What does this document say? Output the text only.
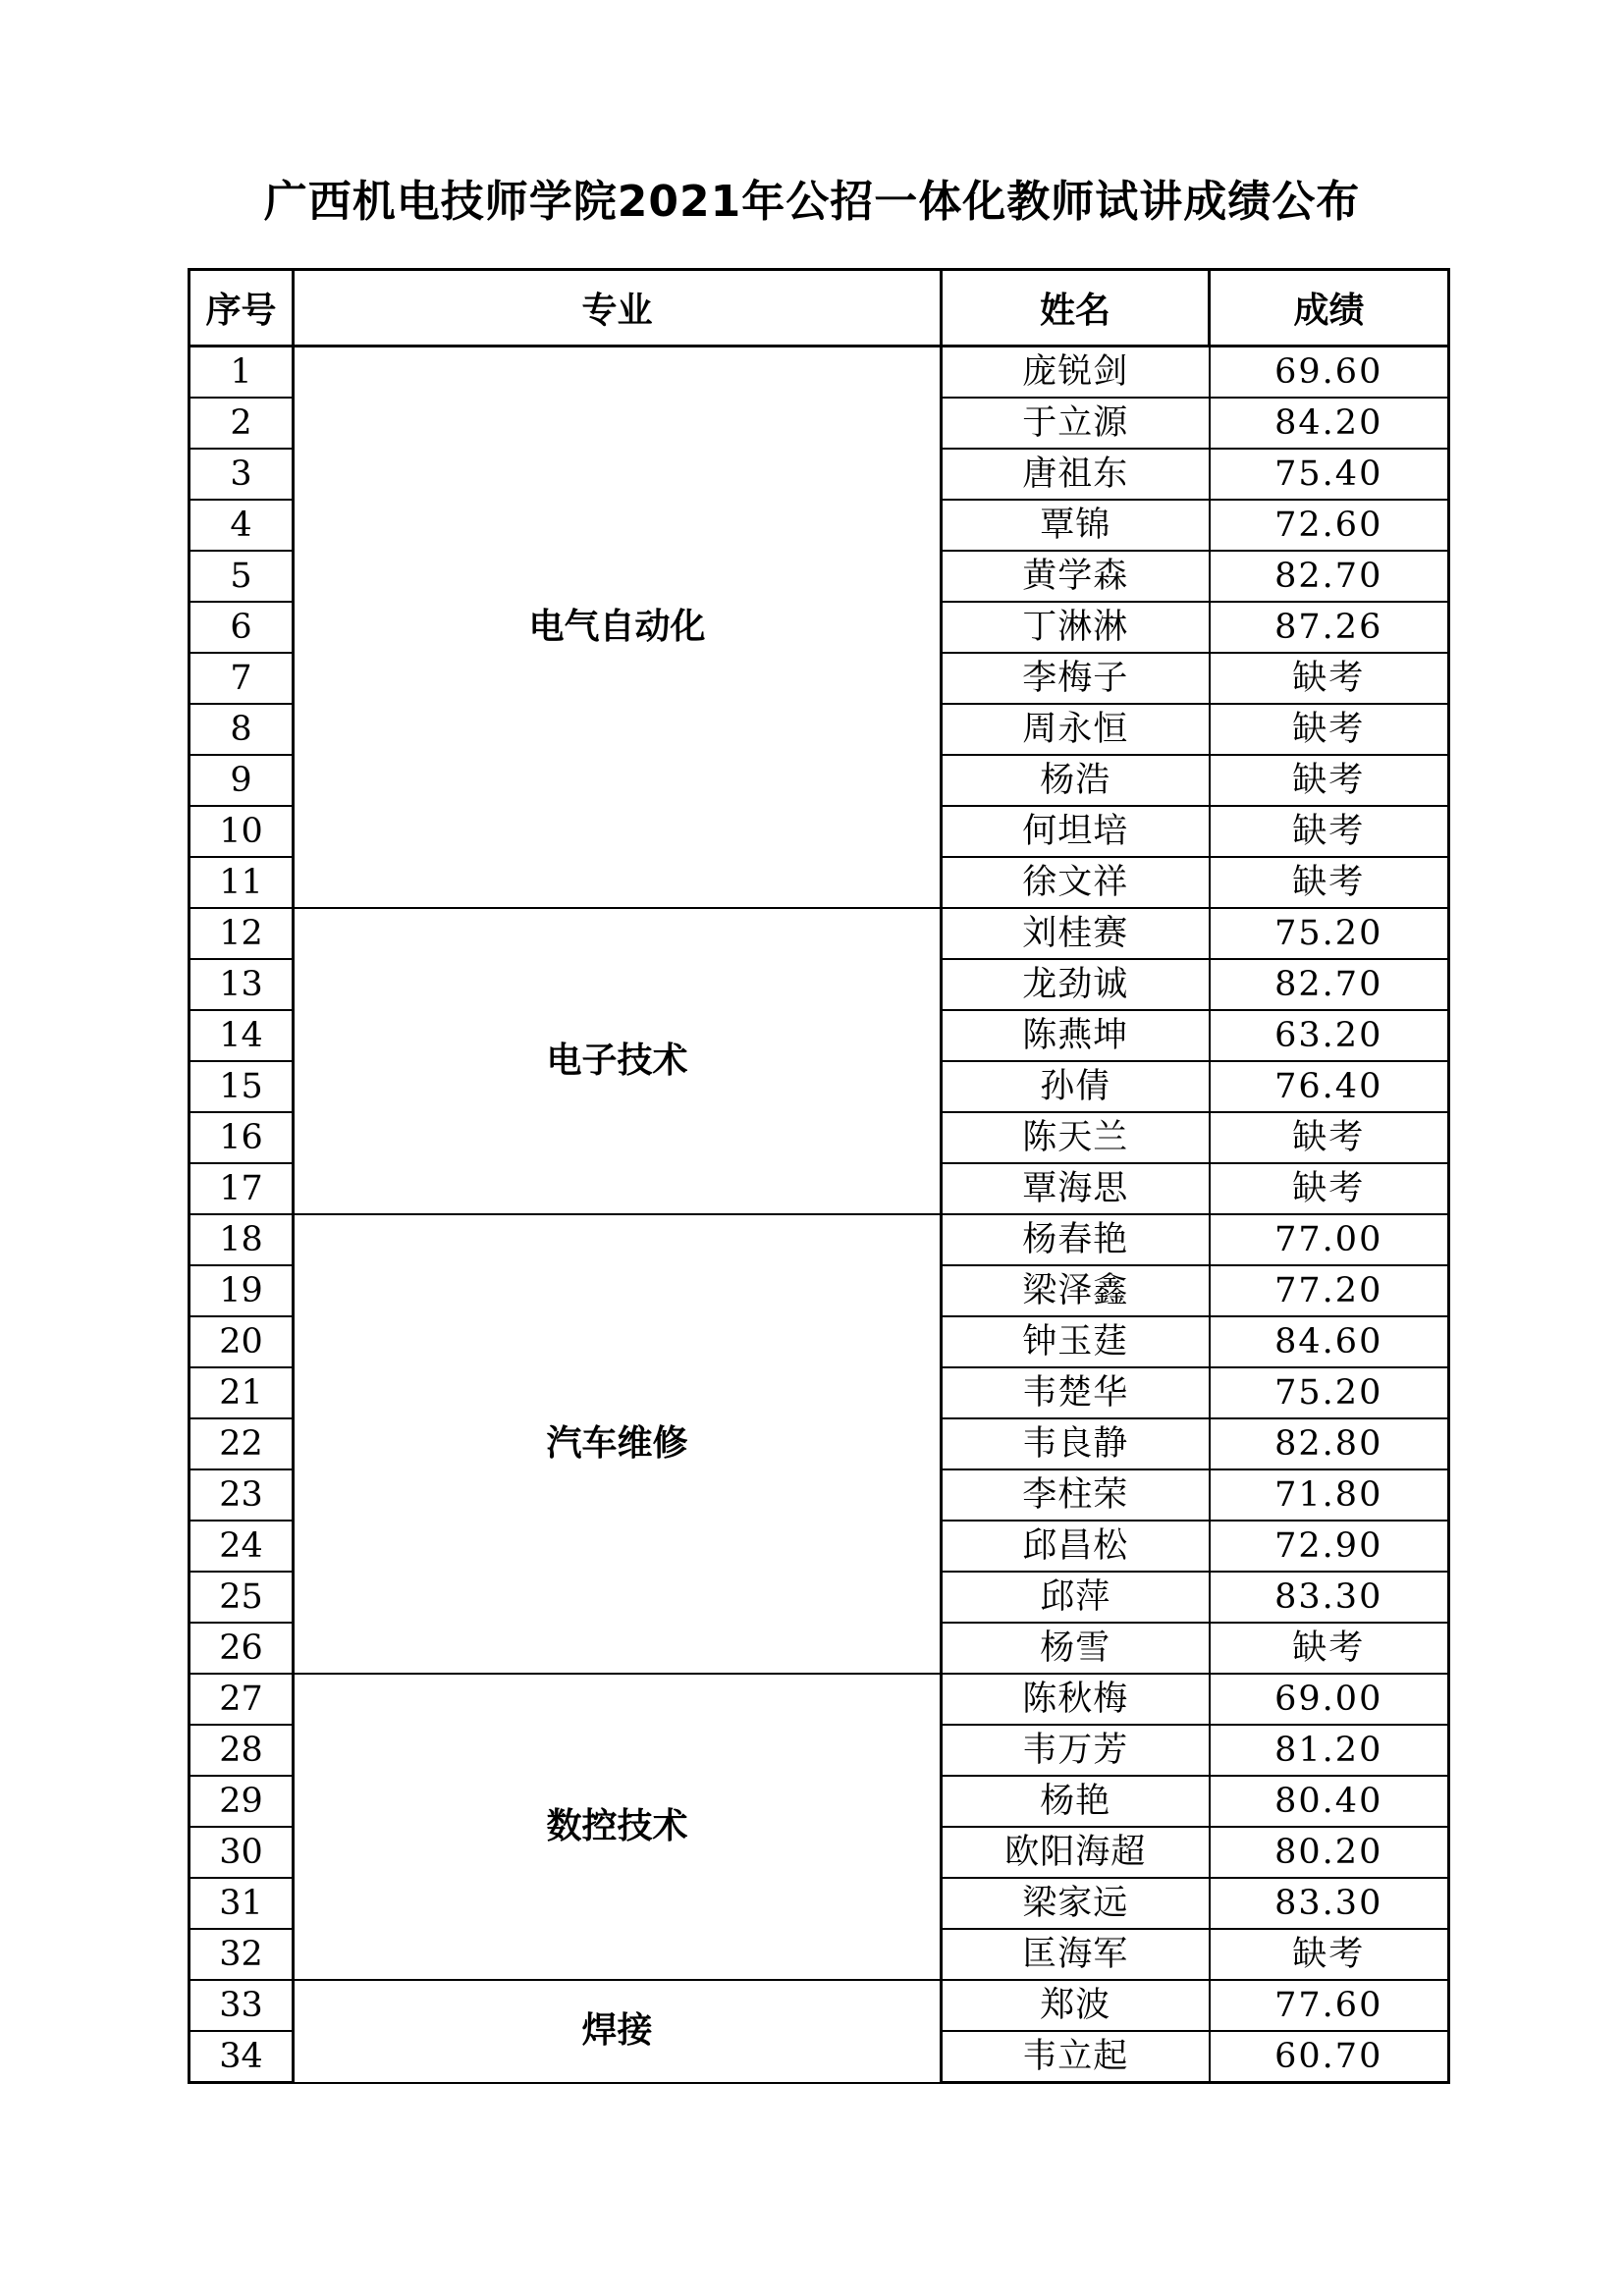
广西机电技师学院2021年公招一体化教师试讲成绩公布
序号	专业	姓名	成绩
1	电气自动化	庞锐剑	69.60
2		于立源	84.20
3		唐祖东	75.40
4		覃锦	72.60
5		黄学森	82.70
6		丁淋淋	87.26
7		李梅子	缺考
8		周永恒	缺考
9		杨浩	缺考
10		何坦培	缺考
11		徐文祥	缺考
12	电子技术	刘桂赛	75.20
13		龙劲诚	82.70
14		陈燕坤	63.20
15		孙倩	76.40
16		陈天兰	缺考
17		覃海思	缺考
18	汽车维修	杨春艳	77.00
19		梁泽鑫	77.20
20		钟玉莛	84.60
21		韦楚华	75.20
22		韦良静	82.80
23		李柱荣	71.80
24		邱昌松	72.90
25		邱萍	83.30
26		杨雪	缺考
27	数控技术	陈秋梅	69.00
28		韦万芳	81.20
29		杨艳	80.40
30		欧阳海超	80.20
31		梁家远	83.30
32		匡海军	缺考
33	焊接	郑波	77.60
34		韦立起	60.70
